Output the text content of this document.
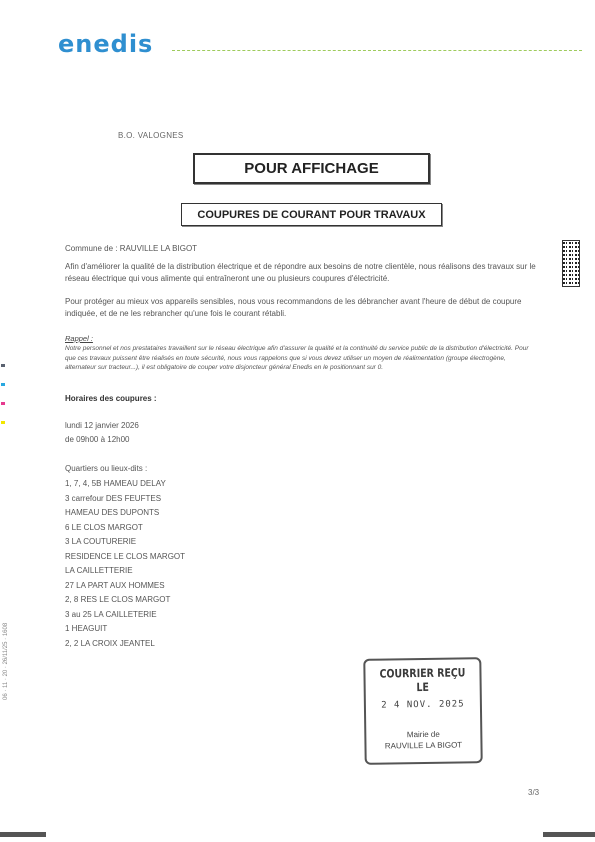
enedis
B.O. VALOGNES
POUR AFFICHAGE
COUPURES DE COURANT POUR TRAVAUX
Commune de : RAUVILLE LA BIGOT
Afin d'améliorer la qualité de la distribution électrique et de répondre aux besoins de notre clientèle, nous réalisons des travaux sur le réseau électrique qui vous alimente qui entraîneront une ou plusieurs coupures d'électricité.
Pour protéger au mieux vos appareils sensibles, nous vous recommandons de les débrancher avant l'heure de début de coupure indiquée, et de ne les rebrancher qu'une fois le courant rétabli.
Rappel :
Notre personnel et nos prestataires travaillent sur le réseau électrique afin d'assurer la qualité et la continuité du service public de la distribution d'électricité. Pour que ces travaux puissent être réalisés en toute sécurité, nous vous rappelons que si vous devez utiliser un moyen de réalimentation (groupe électrogène, alternateur sur tracteur...), il est obligatoire de couper votre disjoncteur général Enedis en le positionnant sur 0.
Horaires des coupures :
lundi 12 janvier 2026
de 09h00 à 12h00
Quartiers ou lieux-dits :
1, 7, 4, 5B HAMEAU DELAY
3 carrefour DES FEUFTES
HAMEAU DES DUPONTS
6 LE CLOS MARGOT
3 LA COUTURERIE
RESIDENCE LE CLOS MARGOT
LA CAILLETTERIE
27 LA PART AUX HOMMES
2, 8 RES LE CLOS MARGOT
3 au 25 LA CAILLETERIE
1 HEAGUIT
2, 2 LA CROIX JEANTEL
COURRIER REÇU LE
2 4 NOV. 2025
Mairie de
RAUVILLE LA BIGOT
06 · 11 · 20 · 26/11/25 · 1608
3/3
